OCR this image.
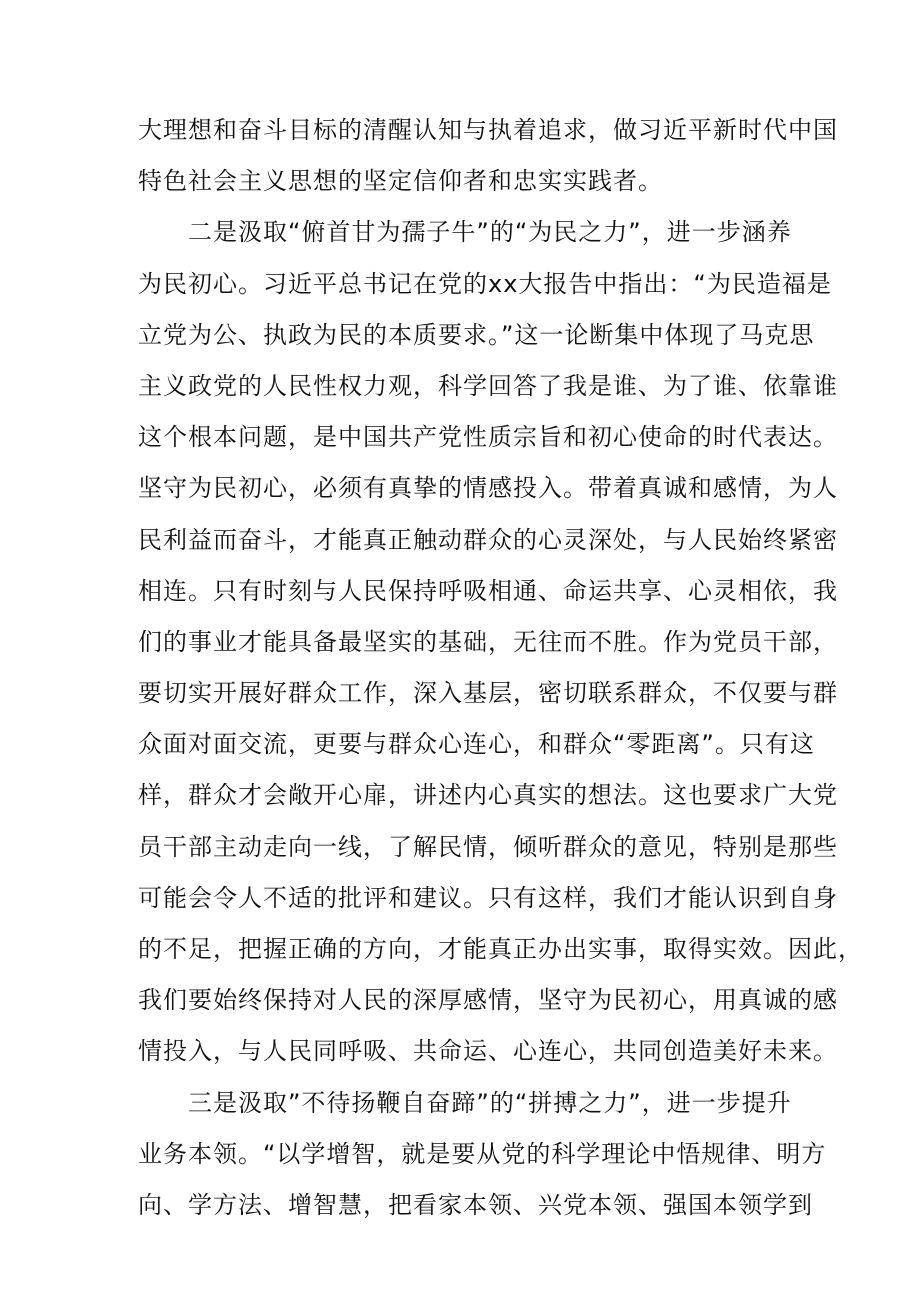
大理想和奋斗目标的清醒认知与执着追求，做习近平新时代中国
特色社会主义思想的坚定信仰者和忠实实践者。
二是汲取“俯首甘为孺子牛”的“为民之力”，进一步涵养
为民初心。习近平总书记在党的xx大报告中指出：“为民造福是
立党为公、执政为民的本质要求。”这一论断集中体现了马克思
主义政党的人民性权力观，科学回答了我是谁、为了谁、依靠谁
这个根本问题，是中国共产党性质宗旨和初心使命的时代表达。
坚守为民初心，必须有真挚的情感投入。带着真诚和感情，为人
民利益而奋斗，才能真正触动群众的心灵深处，与人民始终紧密
相连。只有时刻与人民保持呼吸相通、命运共享、心灵相依，我
们的事业才能具备最坚实的基础，无往而不胜。作为党员干部，
要切实开展好群众工作，深入基层，密切联系群众，不仅要与群
众面对面交流，更要与群众心连心，和群众“零距离”。只有这
样，群众才会敞开心扉，讲述内心真实的想法。这也要求广大党
员干部主动走向一线，了解民情，倾听群众的意见，特别是那些
可能会令人不适的批评和建议。只有这样，我们才能认识到自身
的不足，把握正确的方向，才能真正办出实事，取得实效。因此，
我们要始终保持对人民的深厚感情，坚守为民初心，用真诚的感
情投入，与人民同呼吸、共命运、心连心，共同创造美好未来。
三是汲取”不待扬鞭自奋蹄”的“拼搏之力”，进一步提升
业务本领。“以学增智，就是要从党的科学理论中悟规律、明方
向、学方法、增智慧，把看家本领、兴党本领、强国本领学到
